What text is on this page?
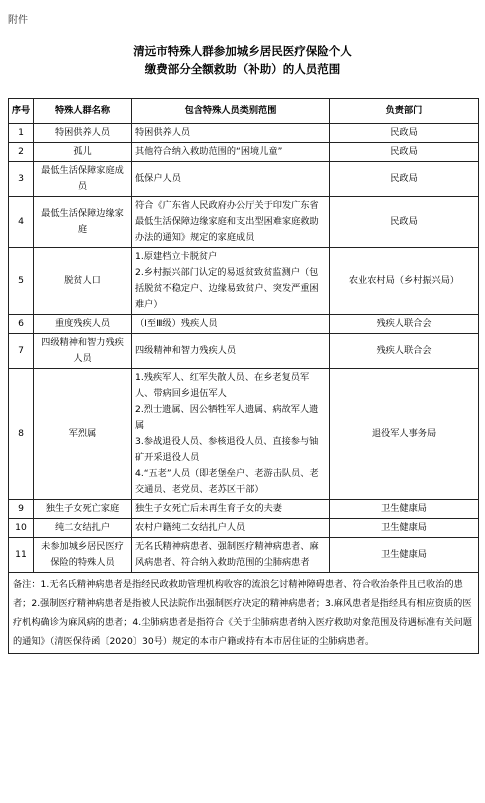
附件
清远市特殊人群参加城乡居民医疗保险个人
缴费部分全额救助（补助）的人员范围
序号	特殊人群名称	包含特殊人员类别范围	负责部门
1	特困供养人员	特困供养人员	民政局
2	孤儿	其他符合纳入救助范围的“困境儿童”	民政局
3	最低生活保障家庭成员	低保户人员	民政局
4	最低生活保障边缘家庭	符合《广东省人民政府办公厅关于印发广东省最低生活保障边缘家庭和支出型困难家庭救助办法的通知》规定的家庭成员	民政局
5	脱贫人口	1.原建档立卡脱贫户
2.乡村振兴部门认定的易返贫致贫监测户（包括脱贫不稳定户、边缘易致贫户、突发严重困难户）	农业农村局（乡村振兴局）
6	重度残疾人员	（Ⅰ至Ⅲ级）残疾人员	残疾人联合会
7	四级精神和智力残疾人员	四级精神和智力残疾人员	残疾人联合会
8	军烈属	1.残疾军人、红军失散人员、在乡老复员军人、带病回乡退伍军人
2.烈士遗属、因公牺牲军人遗属、病故军人遗属
3.参战退役人员、参核退役人员、直接参与铀矿开采退役人员
4.“五老”人员（即老堡垒户、老游击队员、老交通员、老党员、老苏区干部）	退役军人事务局
9	独生子女死亡家庭	独生子女死亡后未再生育子女的夫妻	卫生健康局
10	纯二女结扎户	农村户籍纯二女结扎户人员	卫生健康局
11	未参加城乡居民医疗保险的特殊人员	无名氏精神病患者、强制医疗精神病患者、麻风病患者、符合纳入救助范围的尘肺病患者	卫生健康局
备注：1.无名氏精神病患者是指经民政救助管理机构收容的流浪乞讨精神障碍患者、符合收治条件且已收治的患者；2.强制医疗精神病患者是指被人民法院作出强制医疗决定的精神病患者；3.麻风患者是指经具有相应资质的医疗机构确诊为麻风病的患者；4.尘肺病患者是指符合《关于尘肺病患者纳入医疗救助对象范围及待遇标准有关问题的通知》（清医保待函〔2020〕30号）规定的本市户籍或持有本市居住证的尘肺病患者。			
